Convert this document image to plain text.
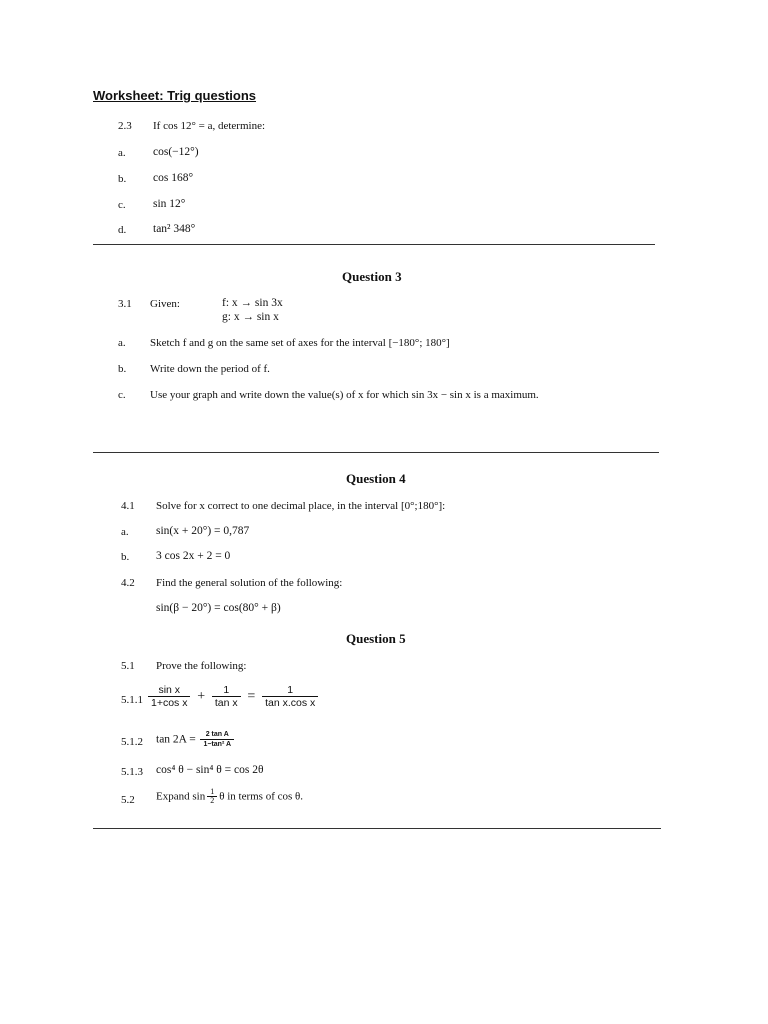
Worksheet: Trig questions
2.3 If cos 12° = a, determine:
a. cos(−12°)
b. cos 168°
c. sin 12°
d. tan² 348°
Question 3
3.1 Given:	f: x → sin 3x
g: x → sin x
a. Sketch f and g on the same set of axes for the interval [−180°; 180°]
b. Write down the period of f.
c. Use your graph and write down the value(s) of x for which sin 3x − sin x is a maximum.
Question 4
4.1 Solve for x correct to one decimal place, in the interval [0°;180°]:
a. sin(x + 20°) = 0,787
b. 3 cos 2x + 2 = 0
4.2 Find the general solution of the following:
sin(β − 20°) = cos(80° + β)
Question 5
5.1 Prove the following:
$5.1.1 \frac{\text{sin x}}{\text{1+cos x}} + \frac{1}{\text{tan x}} = \frac{1}{\text{tan x.cos x}}$
5.1.2 $\tan 2A = \frac{\text{2 tan A}}{\text{1−tan² A}}$
5.1.3 cos⁴ θ − sin⁴ θ = cos 2θ
5.2 Expand $\sin \frac{1}{2}$ θ in terms of cos θ.
